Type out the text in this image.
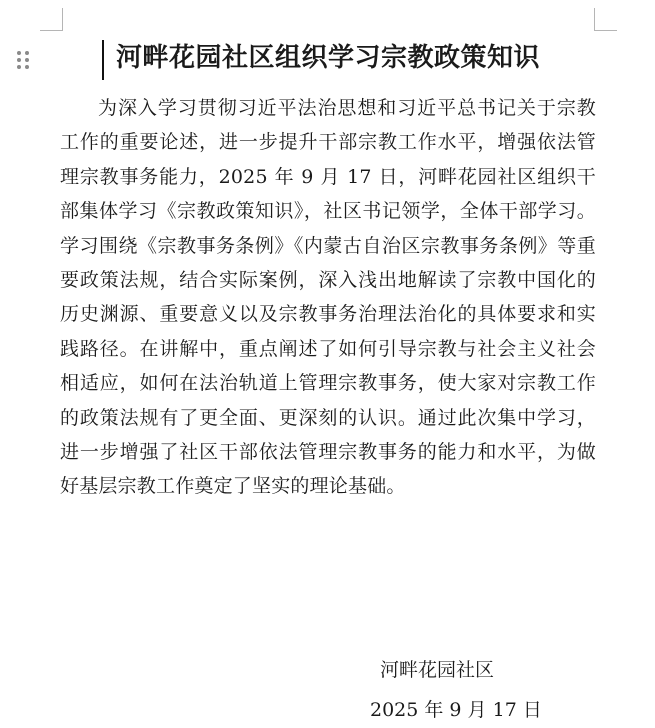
河畔花园社区组织学习宗教政策知识

为深入学习贯彻习近平法治思想和习近平总书记关于宗教工作的重要论述，进一步提升干部宗教工作水平，增强依法管理宗教事务能力，2025 年 9 月 17 日，河畔花园社区组织干部集体学习《宗教政策知识》，社区书记领学，全体干部学习。学习围绕《宗教事务条例》《内蒙古自治区宗教事务条例》等重要政策法规，结合实际案例，深入浅出地解读了宗教中国化的历史渊源、重要意义以及宗教事务治理法治化的具体要求和实践路径。在讲解中，重点阐述了如何引导宗教与社会主义社会相适应，如何在法治轨道上管理宗教事务，使大家对宗教工作的政策法规有了更全面、更深刻的认识。通过此次集中学习，进一步增强了社区干部依法管理宗教事务的能力和水平，为做好基层宗教工作奠定了坚实的理论基础。

河畔花园社区

2025 年 9 月 17 日
